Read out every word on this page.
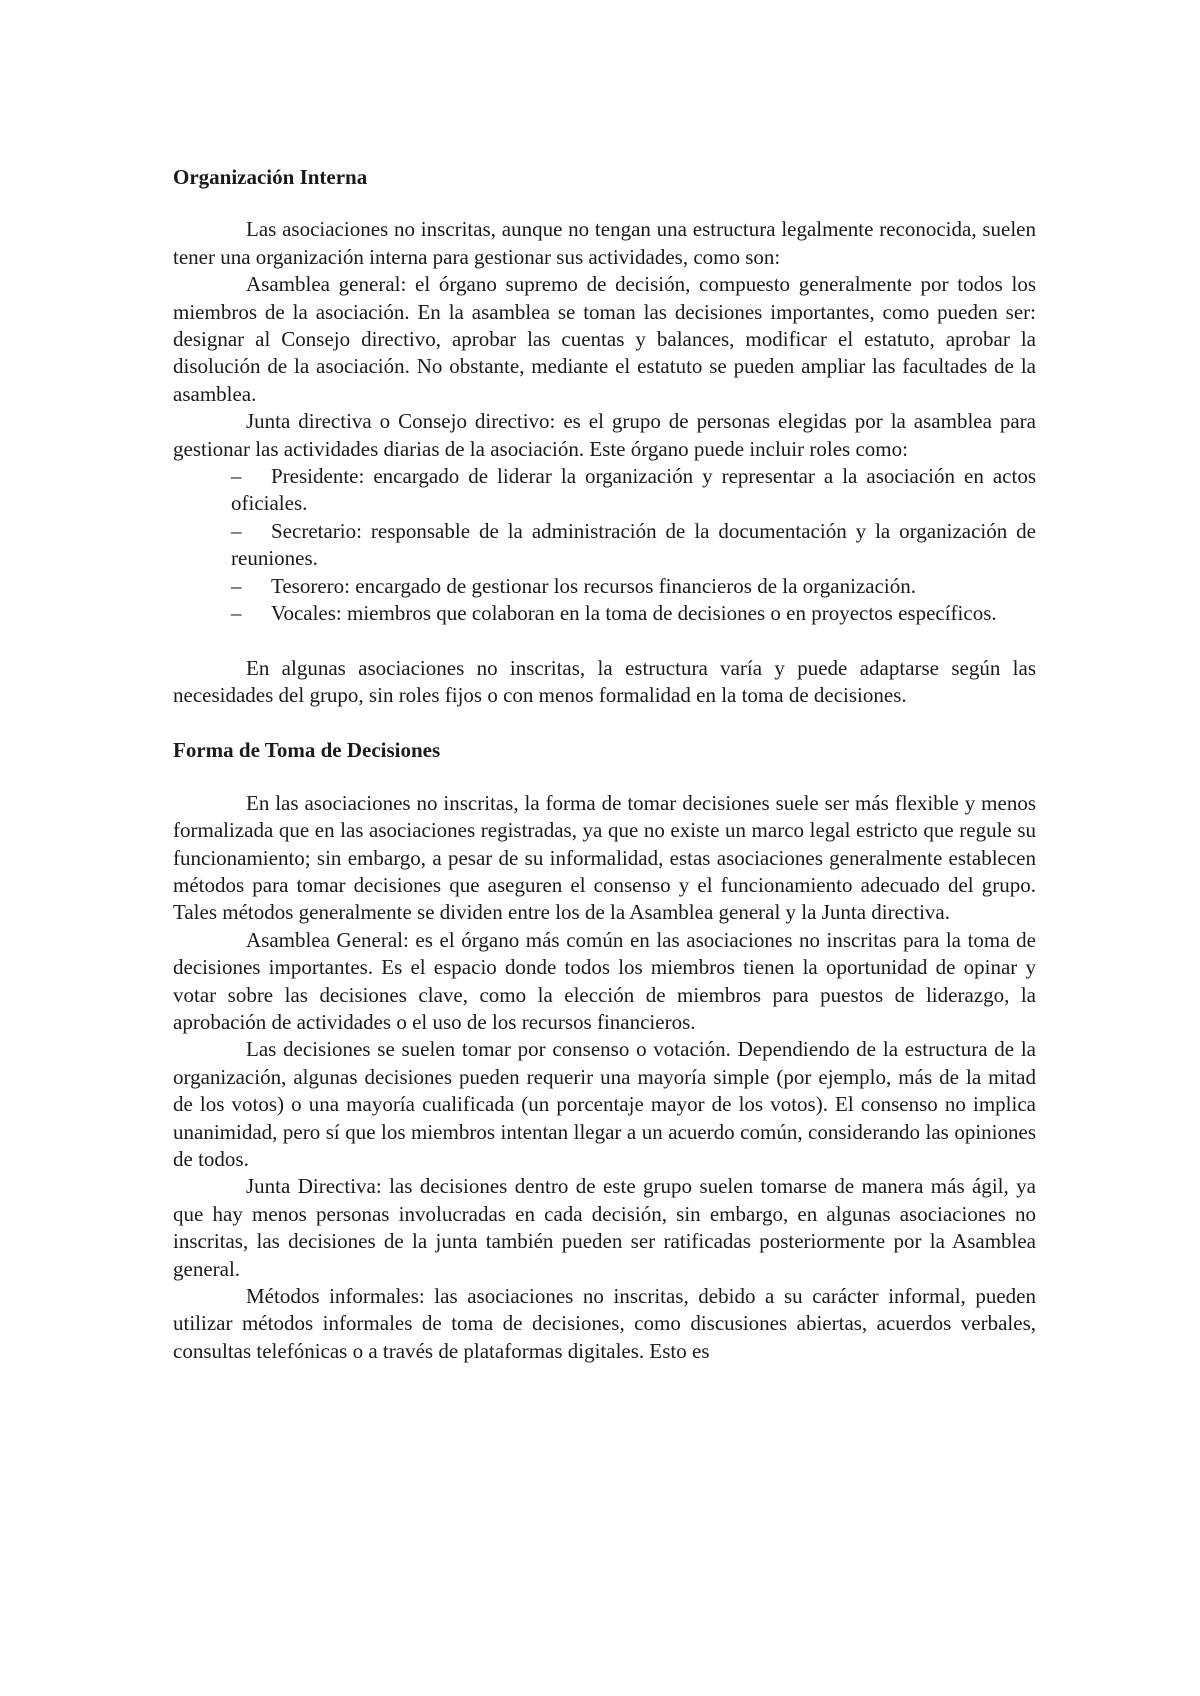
Organización Interna

Las asociaciones no inscritas, aunque no tengan una estructura legalmente reconocida, suelen tener una organización interna para gestionar sus actividades, como son:

Asamblea general: el órgano supremo de decisión, compuesto generalmente por todos los miembros de la asociación. En la asamblea se toman las decisiones importantes, como pueden ser: designar al Consejo directivo, aprobar las cuentas y balances, modificar el estatuto, aprobar la disolución de la asociación. No obstante, mediante el estatuto se pueden ampliar las facultades de la asamblea.

Junta directiva o Consejo directivo: es el grupo de personas elegidas por la asamblea para gestionar las actividades diarias de la asociación. Este órgano puede incluir roles como:

– Presidente: encargado de liderar la organización y representar a la asociación en actos oficiales.
– Secretario: responsable de la administración de la documentación y la organización de reuniones.
– Tesorero: encargado de gestionar los recursos financieros de la organización.
– Vocales: miembros que colaboran en la toma de decisiones o en proyectos específicos.

En algunas asociaciones no inscritas, la estructura varía y puede adaptarse según las necesidades del grupo, sin roles fijos o con menos formalidad en la toma de decisiones.

Forma de Toma de Decisiones

En las asociaciones no inscritas, la forma de tomar decisiones suele ser más flexible y menos formalizada que en las asociaciones registradas, ya que no existe un marco legal estricto que regule su funcionamiento; sin embargo, a pesar de su informalidad, estas asociaciones generalmente establecen métodos para tomar decisiones que aseguren el consenso y el funcionamiento adecuado del grupo. Tales métodos generalmente se dividen entre los de la Asamblea general y la Junta directiva.

Asamblea General: es el órgano más común en las asociaciones no inscritas para la toma de decisiones importantes. Es el espacio donde todos los miembros tienen la oportunidad de opinar y votar sobre las decisiones clave, como la elección de miembros para puestos de liderazgo, la aprobación de actividades o el uso de los recursos financieros.

Las decisiones se suelen tomar por consenso o votación. Dependiendo de la estructura de la organización, algunas decisiones pueden requerir una mayoría simple (por ejemplo, más de la mitad de los votos) o una mayoría cualificada (un porcentaje mayor de los votos). El consenso no implica unanimidad, pero sí que los miembros intentan llegar a un acuerdo común, considerando las opiniones de todos.

Junta Directiva: las decisiones dentro de este grupo suelen tomarse de manera más ágil, ya que hay menos personas involucradas en cada decisión, sin embargo, en algunas asociaciones no inscritas, las decisiones de la junta también pueden ser ratificadas posteriormente por la Asamblea general.

Métodos informales: las asociaciones no inscritas, debido a su carácter informal, pueden utilizar métodos informales de toma de decisiones, como discusiones abiertas, acuerdos verbales, consultas telefónicas o a través de plataformas digitales. Esto es
